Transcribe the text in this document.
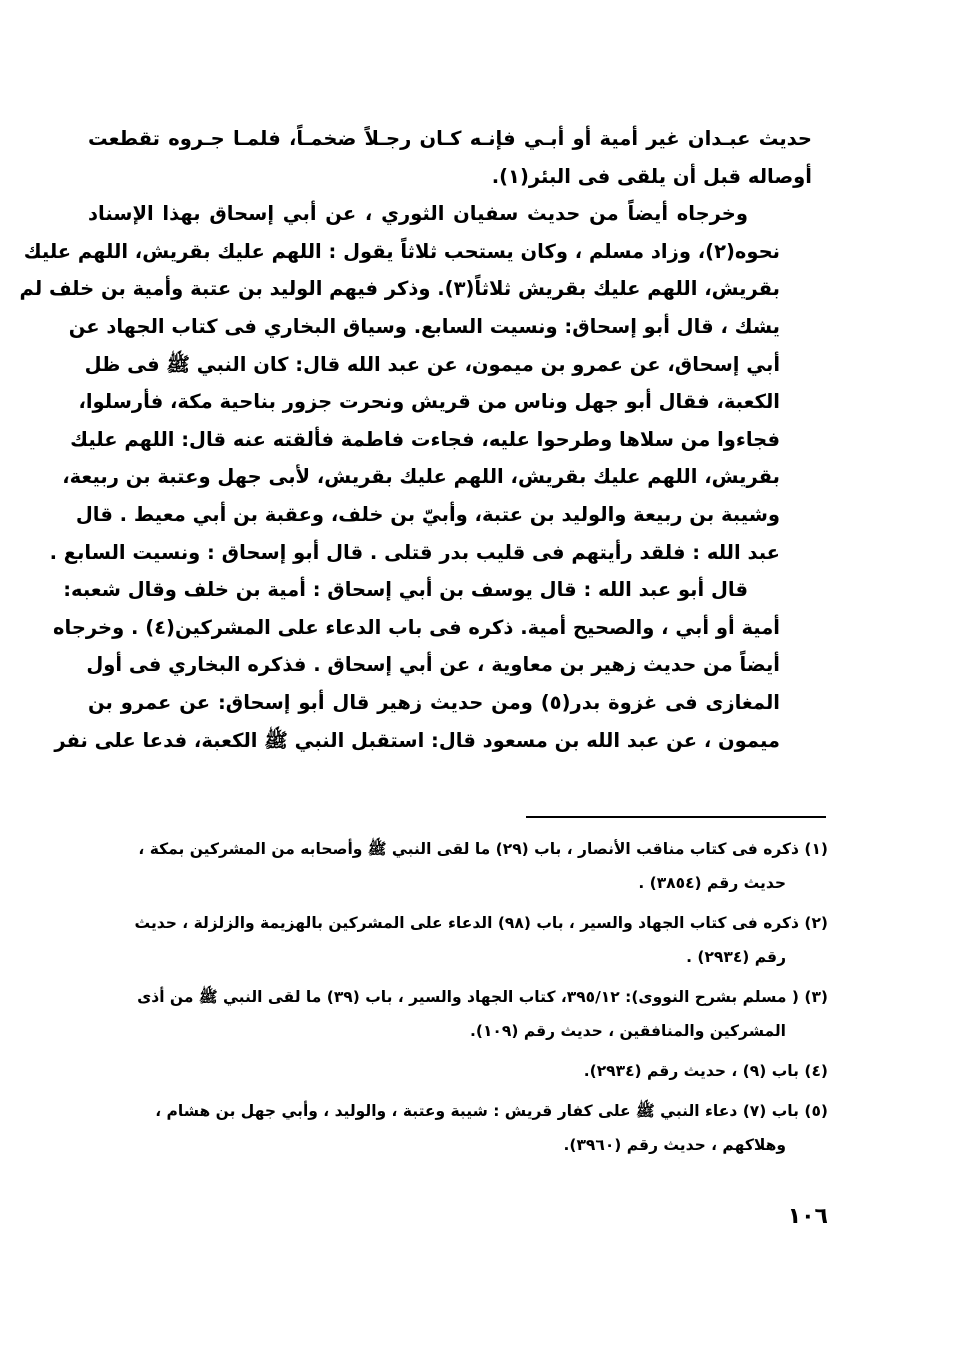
حديث عبـدان غير أمية أو أبـي فإنـه كـان رجـلاً ضخمـاً، فلمـا جـروه تقطعت
أوصاله قبل أن يلقى فى البئر(١).

وخرجاه أيضاً من حديث سفيان الثوري ، عن أبي إسحاق بهذا الإسناد
نحوه(٢)، وزاد مسلم ، وكان يستحب ثلاثاً يقول : اللهم عليك بقريش، اللهم عليك
بقريش، اللهم عليك بقريش ثلاثاً(٣). وذكر فيهم الوليد بن عتبة وأمية بن خلف لم
يشك ، قال أبو إسحاق: ونسيت السابع. وسياق البخاري فى كتاب الجهاد عن
أبي إسحاق، عن عمرو بن ميمون، عن عبد الله قال: كان النبي ﷺ فى ظل
الكعبة، فقال أبو جهل وناس من قريش ونحرت جزور بناحية مكة، فأرسلوا،
فجاءوا من سلاها وطرحوا عليه، فجاءت فاطمة فألقته عنه قال: اللهم عليك
بقريش، اللهم عليك بقريش، اللهم عليك بقريش، لأبى جهل وعتبة بن ربيعة،
وشيبة بن ربيعة والوليد بن عتبة، وأبيّ بن خلف، وعقبة بن أبي معيط . قال
عبد الله : فلقد رأيتهم فى قليب بدر قتلى . قال أبو إسحاق : ونسيت السابع .

قال أبو عبد الله : قال يوسف بن أبي إسحاق : أمية بن خلف وقال شعبه:
أمية أو أبي ، والصحيح أمية. ذكره فى باب الدعاء على المشركين(٤) . وخرجاه
أيضاً من حديث زهير بن معاوية ، عن أبي إسحاق . فذكره البخاري فى أول
المغازى فى غزوة بدر(٥) ومن حديث زهير قال أبو إسحاق: عن عمرو بن
ميمون ، عن عبد الله بن مسعود قال: استقبل النبي ﷺ الكعبة، فدعا على نفر

(١) ذكره فى كتاب مناقب الأنصار ، باب (٢٩) ما لقى النبي ﷺ وأصحابه من المشركين بمكة ،
حديث رقم (٣٨٥٤) .
(٢) ذكره فى كتاب الجهاد والسير ، باب (٩٨) الدعاء على المشركين بالهزيمة والزلزلة ، حديث
رقم (٢٩٣٤) .
(٣) ( مسلم بشرح النووى): ٣٩٥/١٢، كتاب الجهاد والسير ، باب (٣٩) ما لقى النبي ﷺ من أذى
المشركين والمنافقين ، حديث رقم (١٠٩).
(٤) باب (٩) ، حديث رقم (٢٩٣٤).
(٥) باب (٧) دعاء النبي ﷺ على كفار قريش : شيبة وعتبة ، والوليد ، وأبي جهل بن هشام ،
وهلاكهم ، حديث رقم (٣٩٦٠).
١٠٦
